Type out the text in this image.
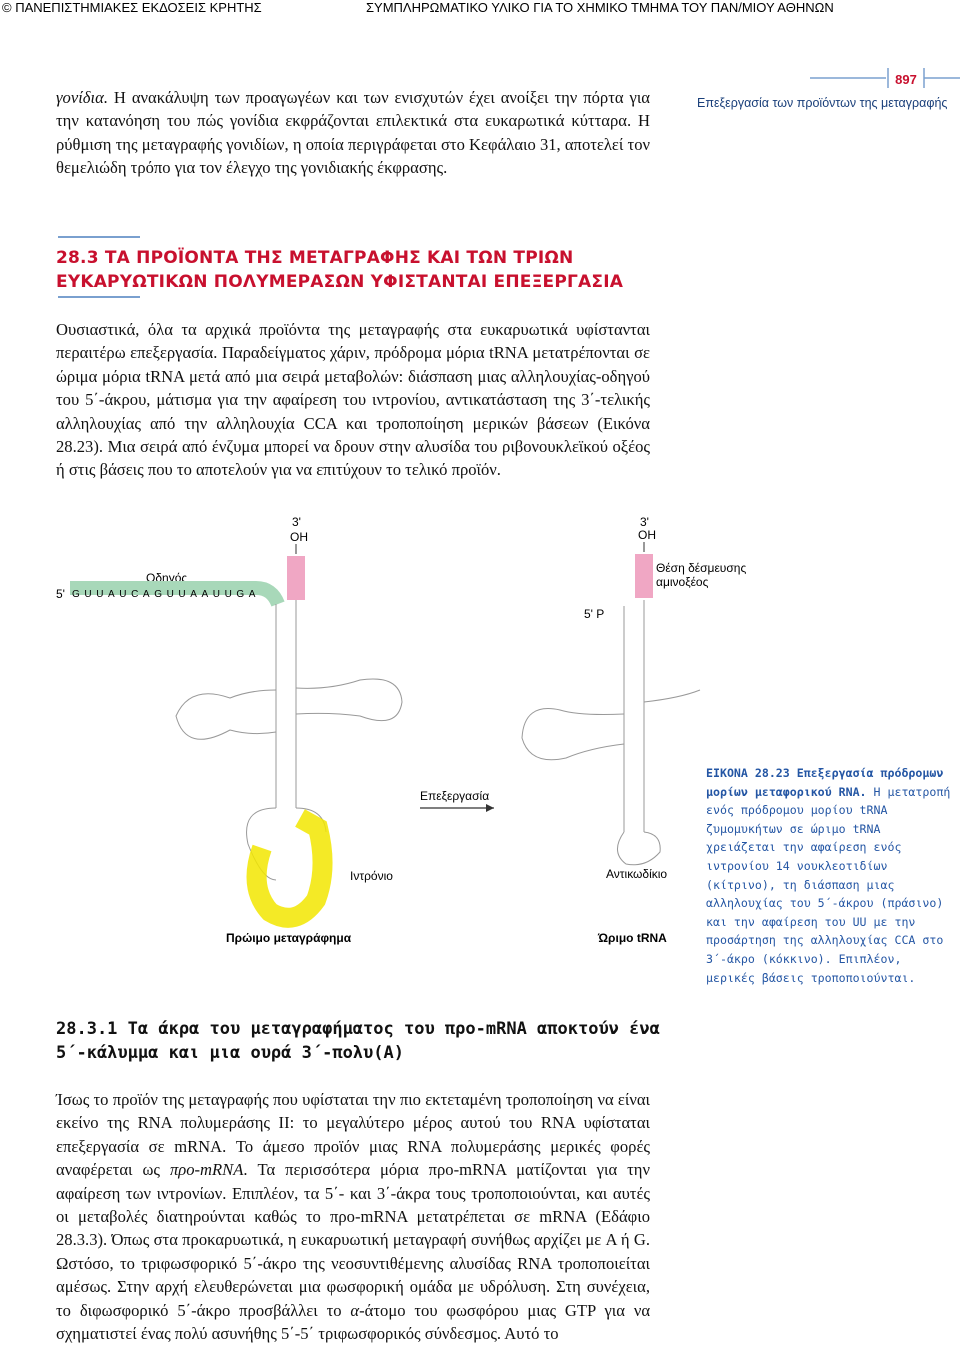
© ΠΑΝΕΠΙΣΤΗΜΙΑΚΕΣ ΕΚΔΟΣΕΙΣ ΚΡΗΤΗΣ	ΣΥΜΠΛΗΡΩΜΑΤΙΚΟ ΥΛΙΚΟ ΓΙΑ ΤΟ ΧΗΜΙΚΟ ΤΜΗΜΑ ΤΟΥ ΠΑΝ/ΜΙΟΥ ΑΘΗΝΩΝ
897
Επεξεργασία των προϊόντων της μεταγραφής

γονίδια. Η ανακάλυψη των προαγωγέων και των ενισχυτών έχει ανοίξει την πόρτα για την κατανόηση του πώς γονίδια εκφράζονται επιλεκτικά στα ευκαρωτικά κύτταρα. Η ρύθμιση της μεταγραφής γονιδίων, η οποία περιγράφεται στο Κεφάλαιο 31, αποτελεί τον θεμελιώδη τρόπο για τον έλεγχο της γονιδιακής έκφρασης.

28.3 ΤΑ ΠΡΟΪΟΝΤΑ ΤΗΣ ΜΕΤΑΓΡΑΦΗΣ ΚΑΙ ΤΩΝ ΤΡΙΩΝ
ΕΥΚΑΡΥΩΤΙΚΩΝ ΠΟΛΥΜΕΡΑΣΩΝ ΥΦΙΣΤΑΝΤΑΙ ΕΠΕΞΕΡΓΑΣΙΑ
Ουσιαστικά, όλα τα αρχικά προϊόντα της μεταγραφής στα ευκαρυωτικά υφίστανται περαιτέρω επεξεργασία. Παραδείγματος χάριν, πρόδρομα μόρια tRNA μετατρέπονται σε ώριμα μόρια tRNA μετά από μια σειρά μεταβολών: διάσπαση μιας αλληλουχίας-οδηγού του 5΄-άκρου, μάτισμα για την αφαίρεση του ιντρονίου, αντικατάσταση της 3΄-τελικής αλληλουχίας από την αλληλουχία CCA και τροποποίηση μερικών βάσεων (Εικόνα 28.23). Μια σειρά από ένζυμα μπορεί να δρουν στην αλυσίδα του ριβονουκλεϊκού οξέος ή στις βάσεις που το αποτελούν για να επιτύχουν το τελικό προϊόν.
3'
OH
Οδηγός
5' GUUAUCAGUUAAUUGA
Ιντρόνιο
Πρώιμο μεταγράφημα
Επεξεργασία
3'
OH
Θέση δέσμευσης
αμινοξέος
5' P
Αντικωδίκιο
Ώριμο tRNA
ΕΙΚΟΝΑ 28.23 Επεξεργασία πρόδρομων μορίων μεταφορικού RNA. Η μετατροπή ενός πρόδρομου μορίου tRNA ζυμομυκήτων σε ώριμο tRNA χρειάζεται την αφαίρεση ενός ιντρονίου 14 νουκλεοτιδίων (κίτρινο), τη διάσπαση μιας αλληλουχίας του 5΄-άκρου (πράσινο) και την αφαίρεση του UU με την προσάρτηση της αλληλουχίας CCA στο 3΄-άκρο (κόκκινο). Επιπλέον, μερικές βάσεις τροποποιούνται.
28.3.1 Τα άκρα του μεταγραφήματος του προ-mRNA αποκτούν ένα
5΄-κάλυμμα και μια ουρά 3΄-πολυ(A)

Ίσως το προϊόν της μεταγραφής που υφίσταται την πιο εκτεταμένη τροποποίηση να είναι εκείνο της RNA πολυμεράσης II: το μεγαλύτερο μέρος αυτού του RNA υφίσταται επεξεργασία σε mRNA. Το άμεσο προϊόν μιας RNA πολυμεράσης μερικές φορές αναφέρεται ως προ-mRNA. Τα περισσότερα μόρια προ-mRNA ματίζονται για την αφαίρεση των ιντρονίων. Επιπλέον, τα 5΄- και 3΄-άκρα τους τροποποιούνται, και αυτές οι μεταβολές διατηρούνται καθώς το προ-mRNA μετατρέπεται σε mRNA (Εδάφιο 28.3.3). Όπως στα προκαρυωτικά, η ευκαρυωτική μεταγραφή συνήθως αρχίζει με A ή G. Ωστόσο, το τριφωσφορικό 5΄-άκρο της νεοσυντιθέμενης αλυσίδας RNA τροποποιείται αμέσως. Στην αρχή ελευθερώνεται μια φωσφορική ομάδα με υδρόλυση. Στη συνέχεια, το διφωσφορικό 5΄-άκρο προσβάλλει το α-άτομο του φωσφόρου μιας GTP για να σχηματιστεί ένας πολύ ασυνήθης 5΄-5΄ τριφωσφορικός σύνδεσμος. Αυτό το
